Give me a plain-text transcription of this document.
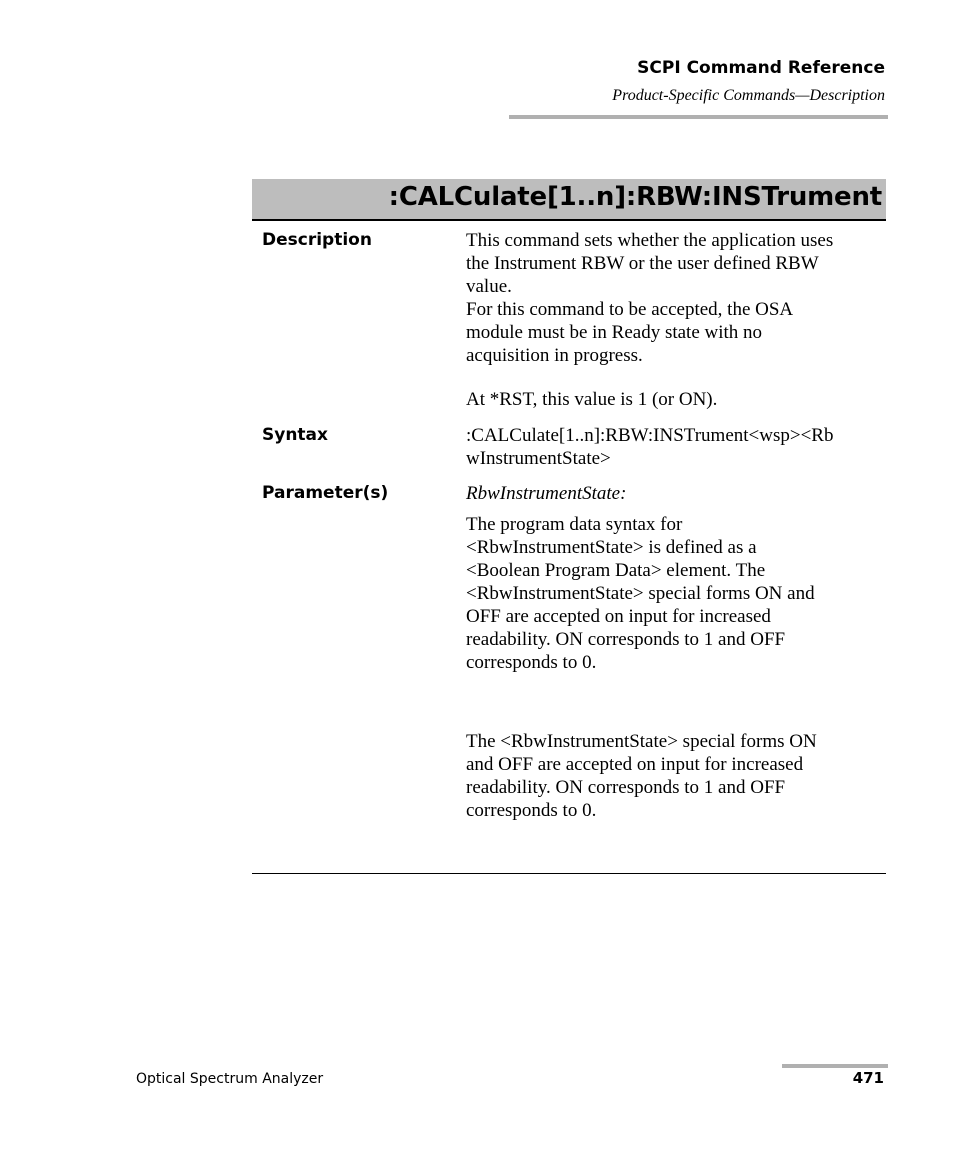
SCPI Command Reference
Product-Specific Commands—Description
:CALCulate[1..n]:RBW:INSTrument
Description	This command sets whether the application uses

the Instrument RBW or the user defined RBW

value.

For this command to be accepted, the OSA

module must be in Ready state with no

acquisition in progress.

At *RST, this value is 1 (or ON).
Syntax	:CALCulate[1..n]:RBW:INSTrument<wsp><Rb

wInstrumentState>

Parameter(s)	RbwInstrumentState:

The program data syntax for

<RbwInstrumentState> is defined as a

<Boolean Program Data> element. The

<RbwInstrumentState> special forms ON and

OFF are accepted on input for increased

readability. ON corresponds to 1 and OFF

corresponds to 0.

The <RbwInstrumentState> special forms ON

and OFF are accepted on input for increased

readability. ON corresponds to 1 and OFF

corresponds to 0.

Optical Spectrum Analyzer	471
